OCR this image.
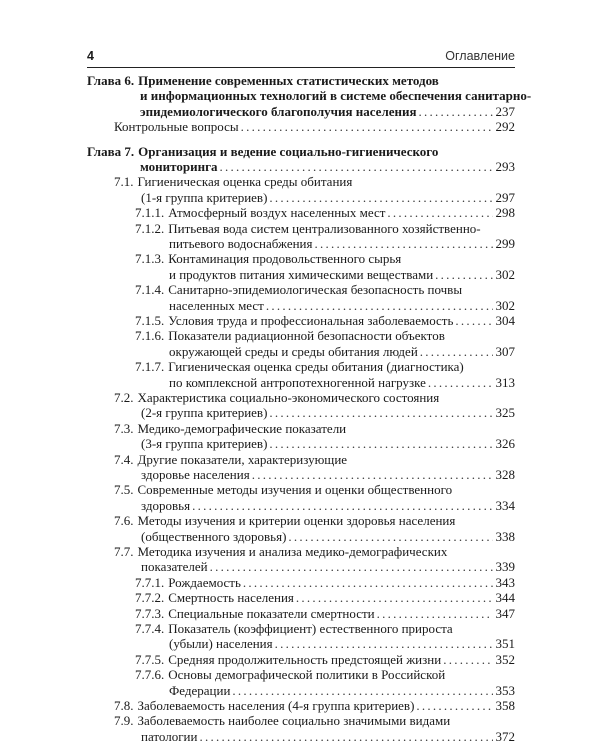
4	Оглавление
Глава 6. Применение современных статистических методов
и информационных технологий в системе обеспечения санитарно-
эпидемиологического благополучия населения . . .	237
Контрольные вопросы . . .	292
Глава 7. Организация и ведение социально-гигиенического
мониторинга . . .	293
7.1. Гигиеническая оценка среды обитания
(1-я группа критериев) . . .	297
7.1.1. Атмосферный воздух населенных мест . . .	298
7.1.2. Питьевая вода систем централизованного хозяйственно-
питьевого водоснабжения . . .	299
7.1.3. Контаминация продовольственного сырья
и продуктов питания химическими веществами . . .	302
7.1.4. Санитарно-эпидемиологическая безопасность почвы
населенных мест . . .	302
7.1.5. Условия труда и профессиональная заболеваемость . . .	304
7.1.6. Показатели радиационной безопасности объектов
окружающей среды и среды обитания людей . . .	307
7.1.7. Гигиеническая оценка среды обитания (диагностика)
по комплексной антропотехногенной нагрузке . . .	313
7.2. Характеристика социально-экономического состояния
(2-я группа критериев) . . .	325
7.3. Медико-демографические показатели
(3-я группа критериев) . . .	326
7.4. Другие показатели, характеризующие
здоровье населения . . .	328
7.5. Современные методы изучения и оценки общественного
здоровья . . .	334
7.6. Методы изучения и критерии оценки здоровья населения
(общественного здоровья) . . .	338
7.7. Методика изучения и анализа медико-демографических
показателей . . .	339
7.7.1. Рождаемость . . .	343
7.7.2. Смертность населения . . .	344
7.7.3. Специальные показатели смертности . . .	347
7.7.4. Показатель (коэффициент) естественного прироста
(убыли) населения . . .	351
7.7.5. Средняя продолжительность предстоящей жизни . . .	352
7.7.6. Основы демографической политики в Российской
Федерации . . .	353
7.8. Заболеваемость населения (4-я группа критериев) . . .	358
7.9. Заболеваемость наиболее социально значимыми видами
патологии . . .	372
